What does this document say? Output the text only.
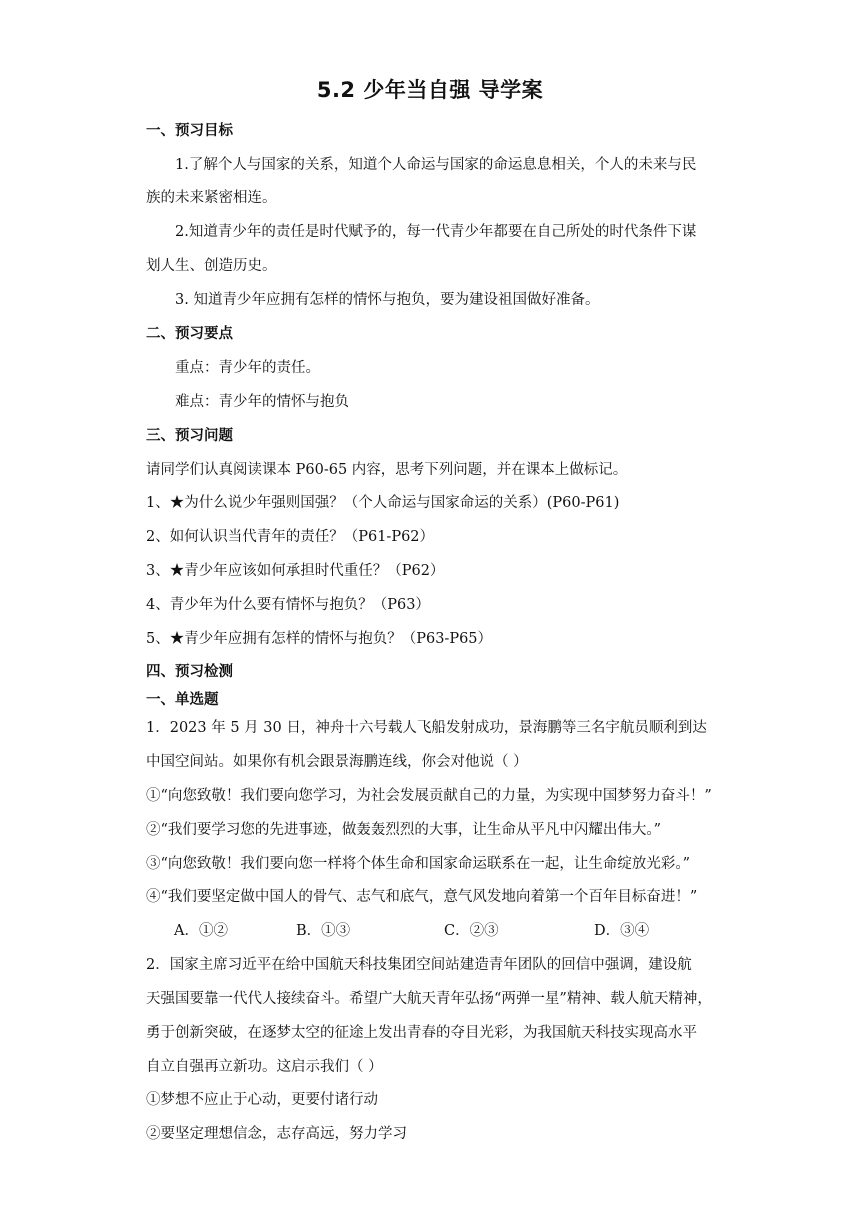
5.2 少年当自强 导学案
一、预习目标
1.了解个人与国家的关系，知道个人命运与国家的命运息息相关，个人的未来与民
族的未来紧密相连。
2.知道青少年的责任是时代赋予的，每一代青少年都要在自己所处的时代条件下谋
划人生、创造历史。
3. 知道青少年应拥有怎样的情怀与抱负，要为建设祖国做好准备。
二、预习要点
重点：青少年的责任。
难点：青少年的情怀与抱负
三、预习问题
请同学们认真阅读课本 P60-65 内容，思考下列问题，并在课本上做标记。
1、★为什么说少年强则国强？（个人命运与国家命运的关系）(P60-P61)
2、如何认识当代青年的责任？（P61-P62）
3、★青少年应该如何承担时代重任？（P62）
4、青少年为什么要有情怀与抱负？（P63）
5、★青少年应拥有怎样的情怀与抱负？（P63-P65）
四、预习检测
一、单选题
1．2023 年 5 月 30 日，神舟十六号载人飞船发射成功，景海鹏等三名宇航员顺利到达
中国空间站。如果你有机会跟景海鹏连线，你会对他说（ ）
①“向您致敬！我们要向您学习，为社会发展贡献自己的力量，为实现中国梦努力奋斗！”
②“我们要学习您的先进事迹，做轰轰烈烈的大事，让生命从平凡中闪耀出伟大。”
③“向您致敬！我们要向您一样将个体生命和国家命运联系在一起，让生命绽放光彩。”
④“我们要坚定做中国人的骨气、志气和底气，意气风发地向着第一个百年目标奋进！”
A．①②	B．①③	C．②③	D．③④
2．国家主席习近平在给中国航天科技集团空间站建造青年团队的回信中强调，建设航
天强国要靠一代代人接续奋斗。希望广大航天青年弘扬“两弹一星”精神、载人航天精神，
勇于创新突破，在逐梦太空的征途上发出青春的夺目光彩，为我国航天科技实现高水平
自立自强再立新功。这启示我们（ ）
①梦想不应止于心动，更要付诸行动
②要坚定理想信念，志存高远，努力学习
